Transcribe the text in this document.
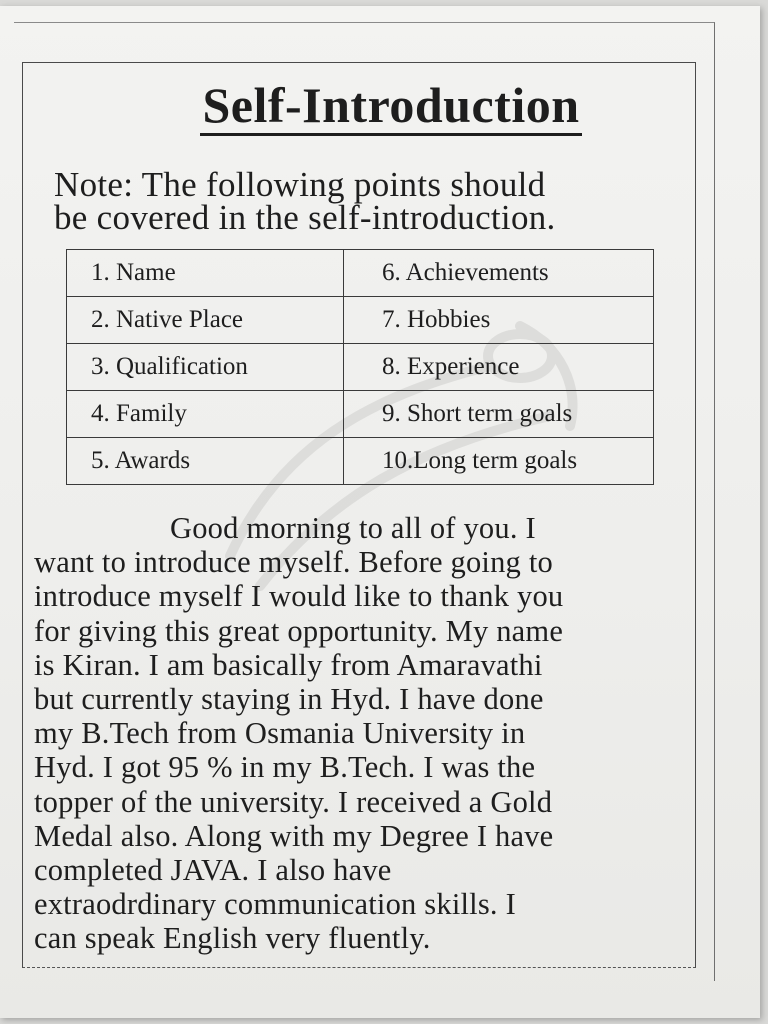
Self-Introduction
Note: The following points should
be covered in the self-introduction.
1. Name	6. Achievements
2. Native Place	7. Hobbies
3. Qualification	8. Experience
4. Family	9. Short term goals
5. Awards	10.Long term goals
Good morning to all of you. I
want to introduce myself. Before going to
introduce myself I would like to thank you
for giving this great opportunity. My name
is Kiran. I am basically from Amaravathi
but currently staying in Hyd. I have done
my B.Tech from Osmania University in
Hyd. I got 95 % in my B.Tech. I was the
topper of the university. I received a Gold
Medal also. Along with my Degree I have
completed JAVA. I also have
extraodrdinary communication skills. I
can speak English very fluently.
